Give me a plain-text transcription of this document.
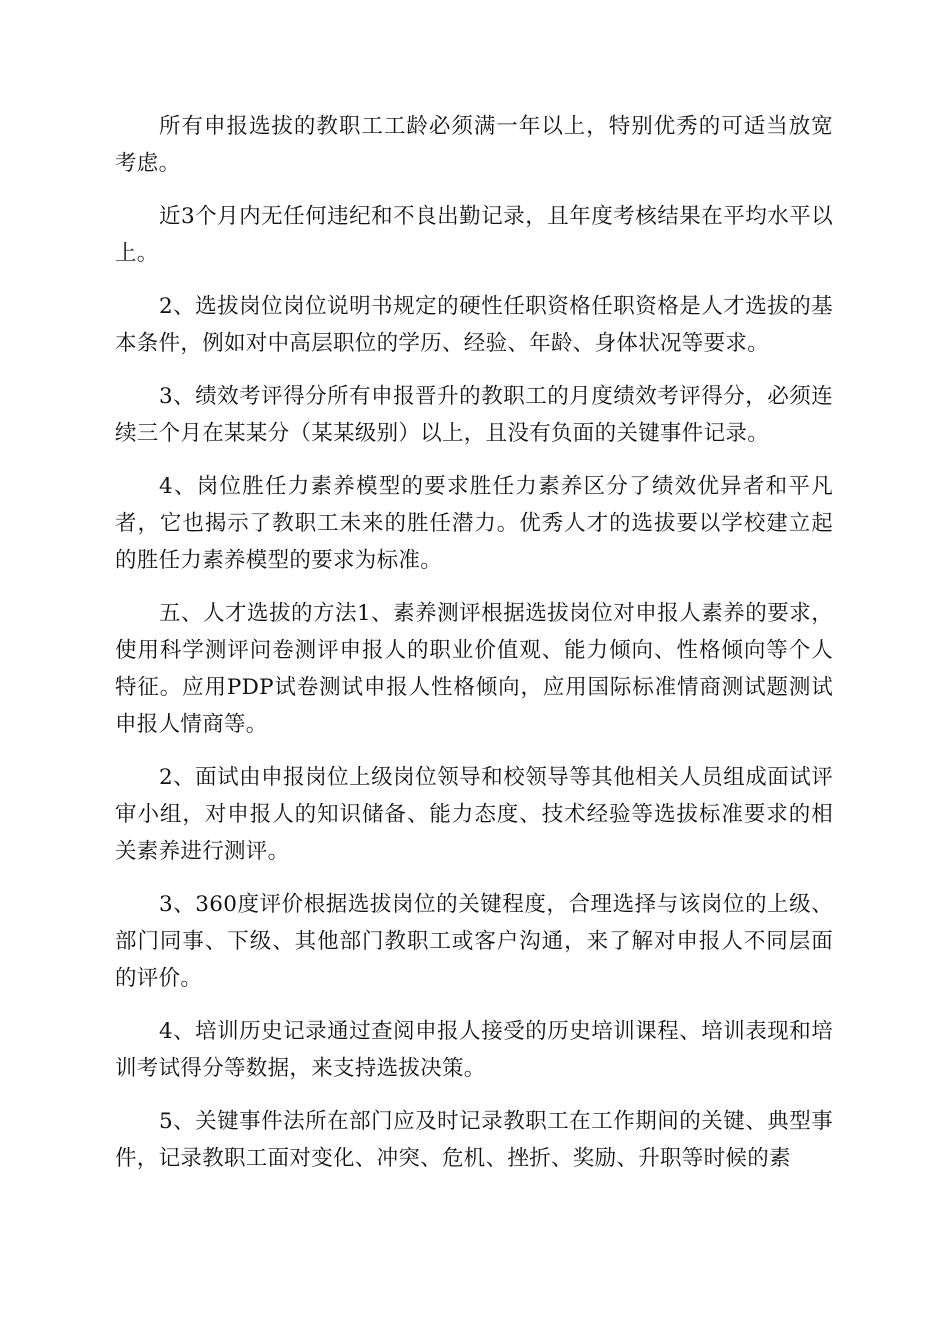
所有申报选拔的教职工工龄必须满一年以上，特别优秀的可适当放宽考虑。

近3个月内无任何违纪和不良出勤记录，且年度考核结果在平均水平以上。

2、选拔岗位岗位说明书规定的硬性任职资格任职资格是人才选拔的基本条件，例如对中高层职位的学历、经验、年龄、身体状况等要求。

3、绩效考评得分所有申报晋升的教职工的月度绩效考评得分，必须连续三个月在某某分（某某级别）以上，且没有负面的关键事件记录。

4、岗位胜任力素养模型的要求胜任力素养区分了绩效优异者和平凡者，它也揭示了教职工未来的胜任潜力。优秀人才的选拔要以学校建立起的胜任力素养模型的要求为标准。

五、人才选拔的方法1、素养测评根据选拔岗位对申报人素养的要求，使用科学测评问卷测评申报人的职业价值观、能力倾向、性格倾向等个人特征。应用PDP试卷测试申报人性格倾向，应用国际标准情商测试题测试申报人情商等。

2、面试由申报岗位上级岗位领导和校领导等其他相关人员组成面试评审小组，对申报人的知识储备、能力态度、技术经验等选拔标准要求的相关素养进行测评。

3、360度评价根据选拔岗位的关键程度，合理选择与该岗位的上级、部门同事、下级、其他部门教职工或客户沟通，来了解对申报人不同层面的评价。

4、培训历史记录通过查阅申报人接受的历史培训课程、培训表现和培训考试得分等数据，来支持选拔决策。

5、关键事件法所在部门应及时记录教职工在工作期间的关键、典型事件，记录教职工面对变化、冲突、危机、挫折、奖励、升职等时候的素
